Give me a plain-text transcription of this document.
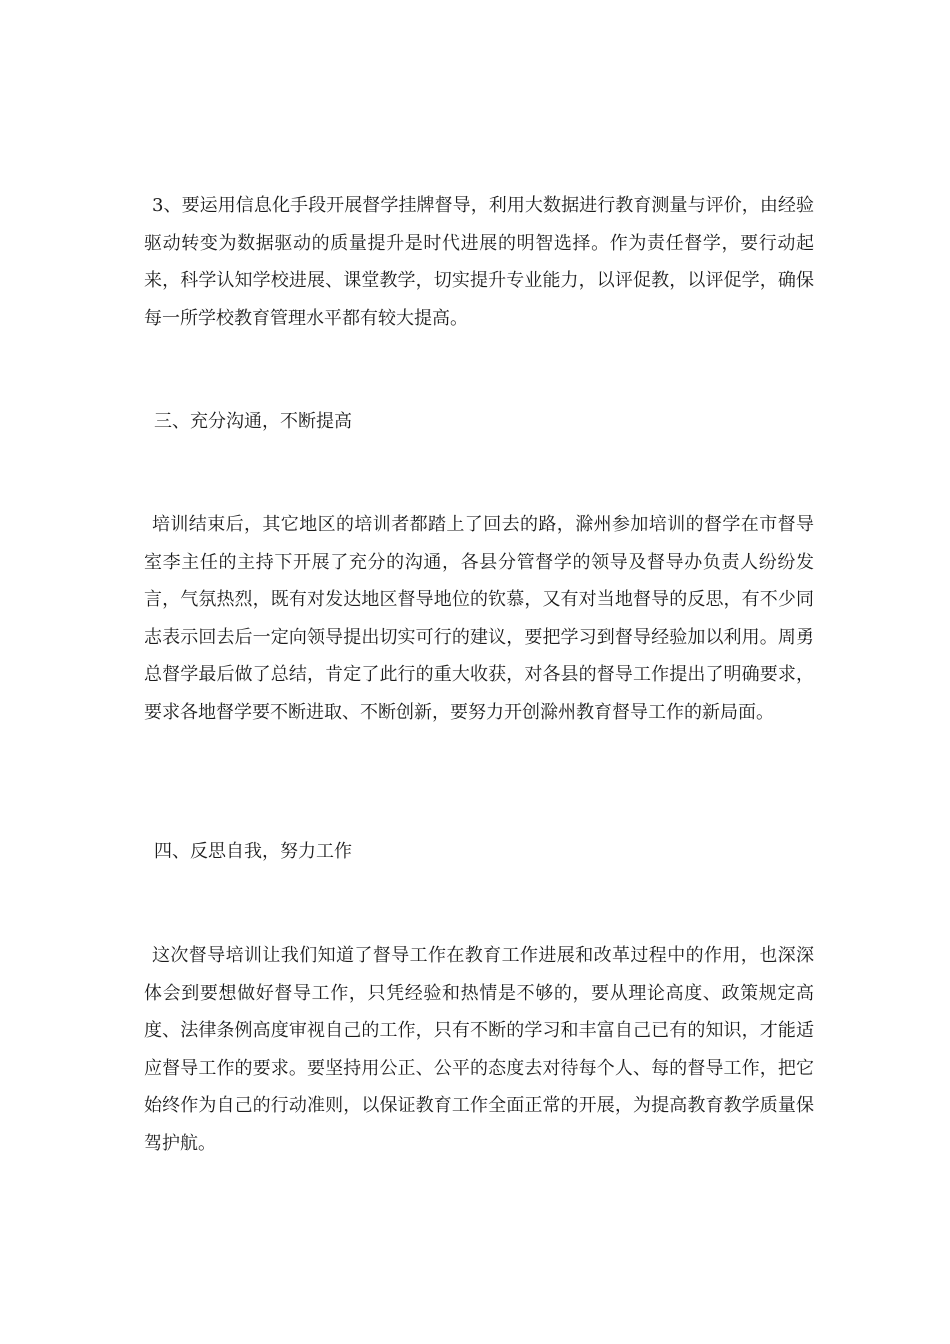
3、要运用信息化手段开展督学挂牌督导，利用大数据进行教育测量与评价，由经验驱动转变为数据驱动的质量提升是时代进展的明智选择。作为责任督学，要行动起来，科学认知学校进展、课堂教学，切实提升专业能力，以评促教，以评促学，确保每一所学校教育管理水平都有较大提高。

三、充分沟通，不断提高

培训结束后，其它地区的培训者都踏上了回去的路，滁州参加培训的督学在市督导室李主任的主持下开展了充分的沟通，各县分管督学的领导及督导办负责人纷纷发言，气氛热烈，既有对发达地区督导地位的钦慕，又有对当地督导的反思，有不少同志表示回去后一定向领导提出切实可行的建议，要把学习到督导经验加以利用。周勇总督学最后做了总结，肯定了此行的重大收获，对各县的督导工作提出了明确要求，要求各地督学要不断进取、不断创新，要努力开创滁州教育督导工作的新局面。

四、反思自我，努力工作

这次督导培训让我们知道了督导工作在教育工作进展和改革过程中的作用，也深深体会到要想做好督导工作，只凭经验和热情是不够的，要从理论高度、政策规定高度、法律条例高度审视自己的工作，只有不断的学习和丰富自己已有的知识，才能适应督导工作的要求。要坚持用公正、公平的态度去对待每个人、每的督导工作，把它始终作为自己的行动准则，以保证教育工作全面正常的开展，为提高教育教学质量保驾护航。
